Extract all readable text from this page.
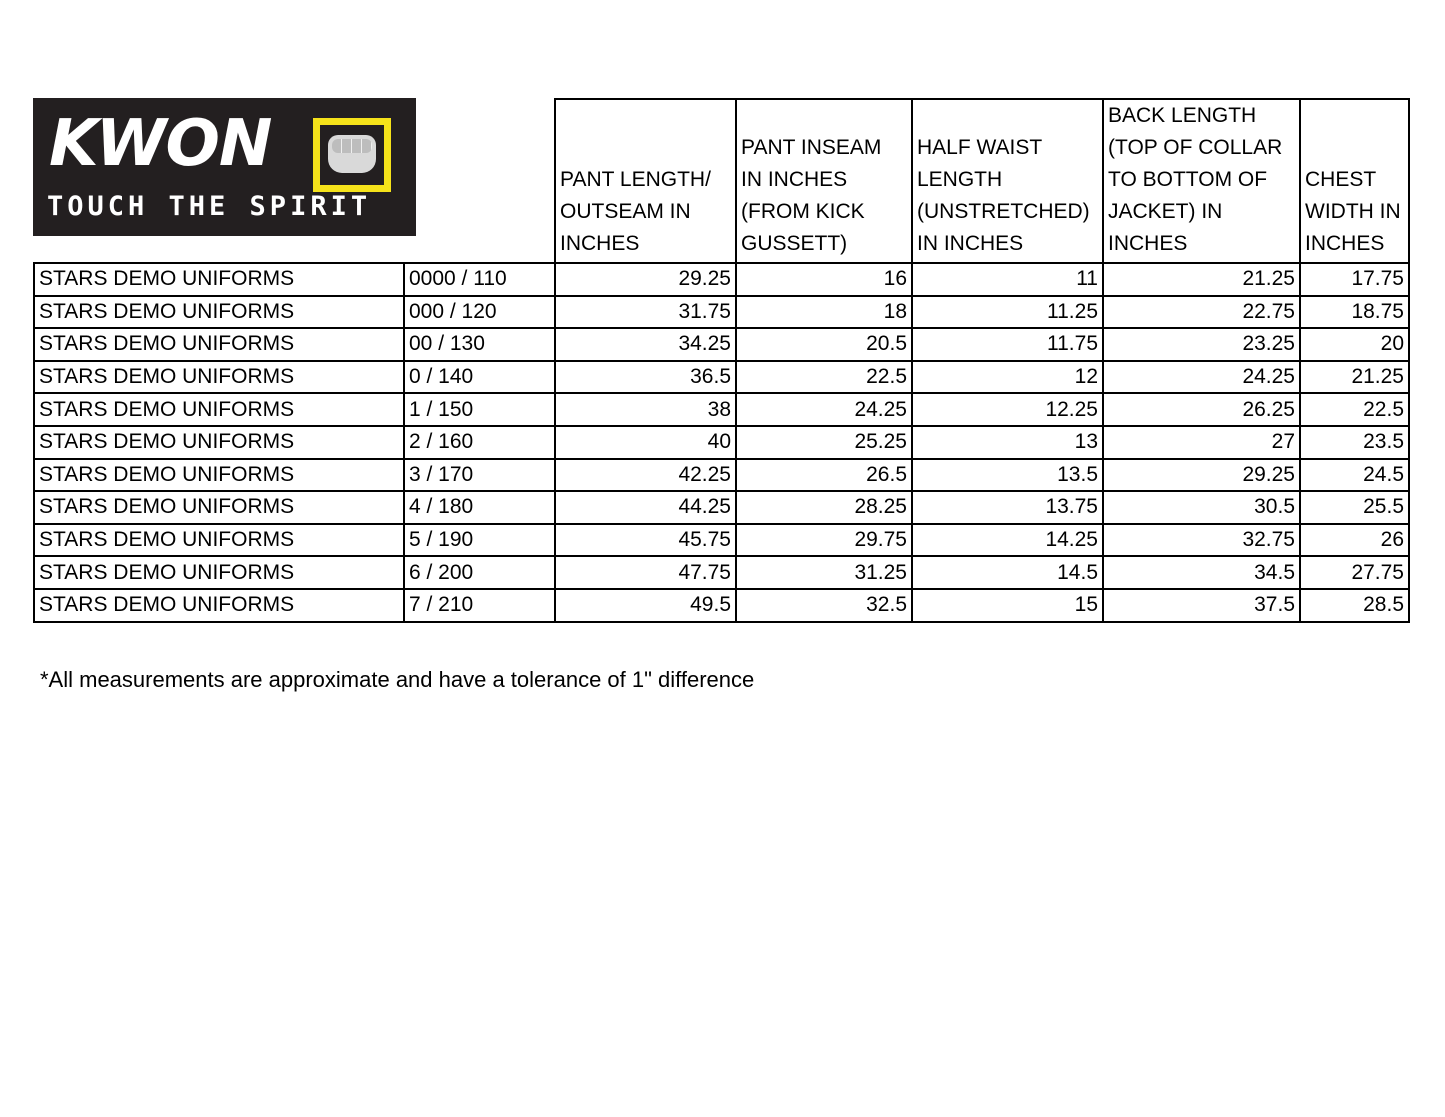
		PANT LENGTH/ OUTSEAM IN INCHES	PANT INSEAM IN INCHES (FROM KICK GUSSETT)	HALF WAIST LENGTH (UNSTRETCHED) IN INCHES	BACK LENGTH (TOP OF COLLAR TO BOTTOM OF JACKET) IN INCHES	CHEST WIDTH IN INCHES
STARS DEMO UNIFORMS	0000 / 110	29.25	16	11	21.25	17.75
STARS DEMO UNIFORMS	000 / 120	31.75	18	11.25	22.75	18.75
STARS DEMO UNIFORMS	00 / 130	34.25	20.5	11.75	23.25	20
STARS DEMO UNIFORMS	0 / 140	36.5	22.5	12	24.25	21.25
STARS DEMO UNIFORMS	1 / 150	38	24.25	12.25	26.25	22.5
STARS DEMO UNIFORMS	2 / 160	40	25.25	13	27	23.5
STARS DEMO UNIFORMS	3 / 170	42.25	26.5	13.5	29.25	24.5
STARS DEMO UNIFORMS	4 / 180	44.25	28.25	13.75	30.5	25.5
STARS DEMO UNIFORMS	5 / 190	45.75	29.75	14.25	32.75	26
STARS DEMO UNIFORMS	6 / 200	47.75	31.25	14.5	34.5	27.75
STARS DEMO UNIFORMS	7 / 210	49.5	32.5	15	37.5	28.5
KWON
TOUCH THE SPIRIT
*All measurements are approximate and have a tolerance of 1" difference
